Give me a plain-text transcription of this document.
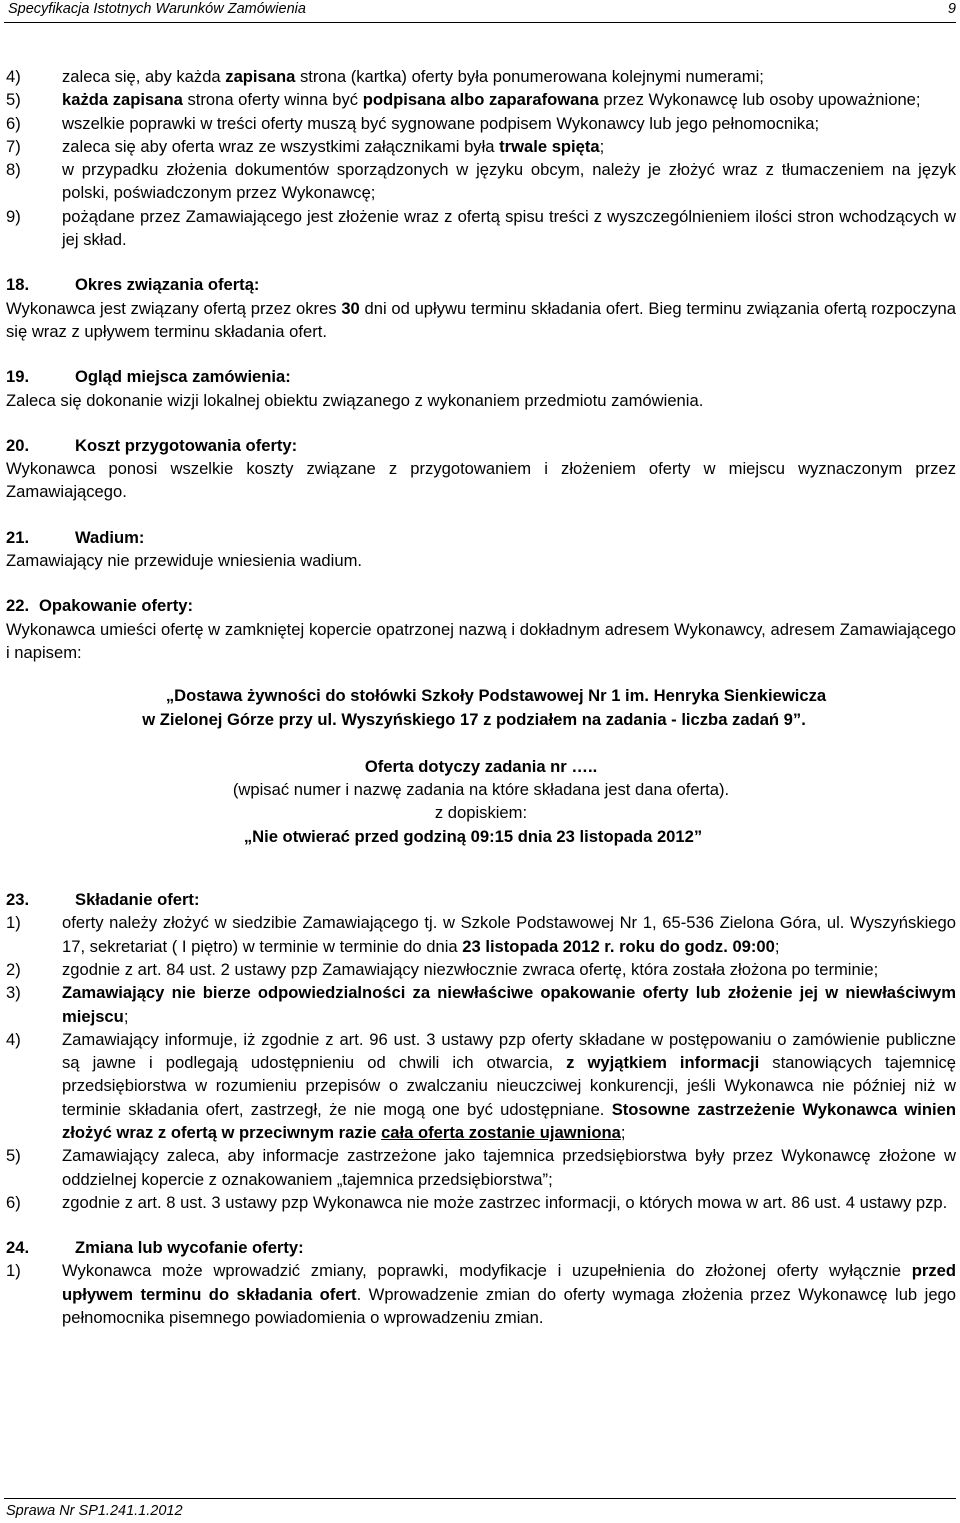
Specyfikacja Istotnych Warunków Zamówienia	9
4)	zaleca się, aby każda zapisana strona (kartka) oferty była ponumerowana kolejnymi numerami;
5)	każda zapisana strona oferty winna być podpisana albo zaparafowana przez Wykonawcę lub osoby upoważnione;
6)	wszelkie poprawki w treści oferty muszą być sygnowane podpisem Wykonawcy lub jego pełnomocnika;
7)	zaleca się aby oferta wraz ze wszystkimi załącznikami była trwale spięta;
8)	w przypadku złożenia dokumentów sporządzonych w języku obcym, należy je złożyć wraz z tłumaczeniem na język polski, poświadczonym przez Wykonawcę;
9)	pożądane przez Zamawiającego jest złożenie wraz z ofertą spisu treści z wyszczególnieniem ilości stron wchodzących w jej skład.
18.	Okres związania ofertą:

Wykonawca jest związany ofertą przez okres 30 dni od upływu terminu składania ofert. Bieg terminu związania ofertą rozpoczyna się wraz z upływem terminu składania ofert.

19.	Ogląd miejsca zamówienia:

Zaleca się dokonanie wizji lokalnej obiektu związanego z wykonaniem przedmiotu zamówienia.

20.	Koszt przygotowania oferty:

Wykonawca ponosi wszelkie koszty związane z przygotowaniem i złożeniem oferty w miejscu wyznaczonym przez Zamawiającego.

21.	Wadium:

Zamawiający nie przewiduje wniesienia wadium.

22. Opakowanie oferty:

Wykonawca umieści ofertę w zamkniętej kopercie opatrzonej nazwą i dokładnym adresem Wykonawcy, adresem Zamawiającego i napisem:

„Dostawa żywności do stołówki Szkoły Podstawowej Nr 1 im. Henryka Sienkiewicza
w Zielonej Górze przy ul. Wyszyńskiego 17 z podziałem na zadania - liczba zadań 9”.
Oferta dotyczy zadania nr …..
(wpisać numer i nazwę zadania na które składana jest dana oferta).
z dopiskiem:
„Nie otwierać przed godziną 09:15 dnia 23 listopada 2012”
23.	Składanie ofert:
1)	oferty należy złożyć w siedzibie Zamawiającego tj. w Szkole Podstawowej Nr 1, 65-536 Zielona Góra, ul. Wyszyńskiego 17, sekretariat ( I piętro) w terminie w terminie do dnia 23 listopada 2012 r. roku do godz. 09:00;
2)	zgodnie z art. 84 ust. 2 ustawy pzp Zamawiający niezwłocznie zwraca ofertę, która została złożona po terminie;
3)	Zamawiający nie bierze odpowiedzialności za niewłaściwe opakowanie oferty lub złożenie jej w niewłaściwym miejscu;
4)	Zamawiający informuje, iż zgodnie z art. 96 ust. 3 ustawy pzp oferty składane w postępowaniu o zamówienie publiczne są jawne i podlegają udostępnieniu od chwili ich otwarcia, z wyjątkiem informacji stanowiących tajemnicę przedsiębiorstwa w rozumieniu przepisów o zwalczaniu nieuczciwej konkurencji, jeśli Wykonawca nie później niż w terminie składania ofert, zastrzegł, że nie mogą one być udostępniane. Stosowne zastrzeżenie Wykonawca winien złożyć wraz z ofertą w przeciwnym razie cała oferta zostanie ujawniona;
5)	Zamawiający zaleca, aby informacje zastrzeżone jako tajemnica przedsiębiorstwa były przez Wykonawcę złożone w oddzielnej kopercie z oznakowaniem „tajemnica przedsiębiorstwa”;
6)	zgodnie z art. 8 ust. 3 ustawy pzp Wykonawca nie może zastrzec informacji, o których mowa w art. 86 ust. 4 ustawy pzp.
24.	Zmiana lub wycofanie oferty:
1)	Wykonawca może wprowadzić zmiany, poprawki, modyfikacje i uzupełnienia do złożonej oferty wyłącznie przed upływem terminu do składania ofert. Wprowadzenie zmian do oferty wymaga złożenia przez Wykonawcę lub jego pełnomocnika pisemnego powiadomienia o wprowadzeniu zmian.
Sprawa Nr SP1.241.1.2012
